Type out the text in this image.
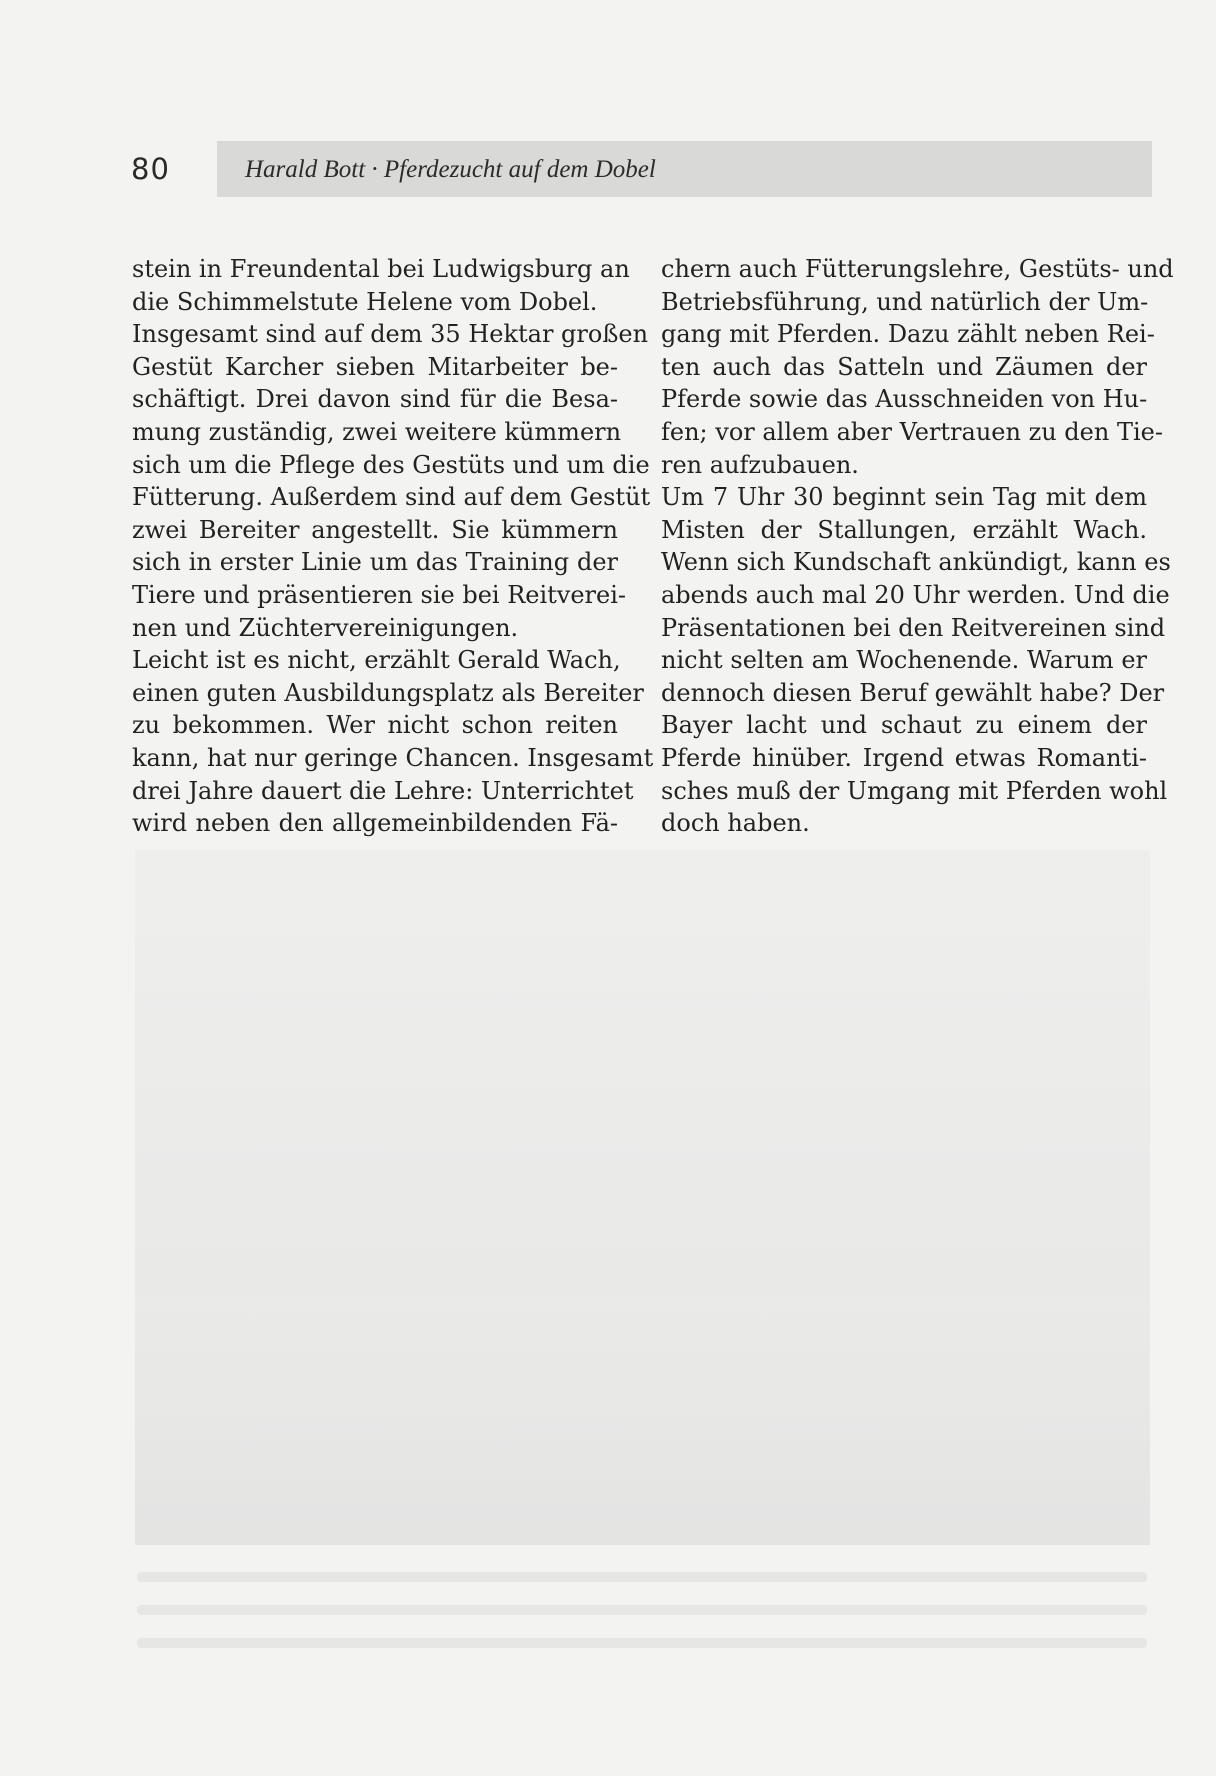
80	Harald Bott · Pferdezucht auf dem Dobel
stein in Freundental bei Ludwigsburg an
die Schimmelstute Helene vom Dobel.
Insgesamt sind auf dem 35 Hektar großen
Gestüt Karcher sieben Mitarbeiter be-
schäftigt. Drei davon sind für die Besa-
mung zuständig, zwei weitere kümmern
sich um die Pflege des Gestüts und um die
Fütterung. Außerdem sind auf dem Gestüt
zwei Bereiter angestellt. Sie kümmern
sich in erster Linie um das Training der
Tiere und präsentieren sie bei Reitverei-
nen und Züchtervereinigungen.
Leicht ist es nicht, erzählt Gerald Wach,
einen guten Ausbildungsplatz als Bereiter
zu bekommen. Wer nicht schon reiten
kann, hat nur geringe Chancen. Insgesamt
drei Jahre dauert die Lehre: Unterrichtet
wird neben den allgemeinbildenden Fä-
chern auch Fütterungslehre, Gestüts- und
Betriebsführung, und natürlich der Um-
gang mit Pferden. Dazu zählt neben Rei-
ten auch das Satteln und Zäumen der
Pferde sowie das Ausschneiden von Hu-
fen; vor allem aber Vertrauen zu den Tie-
ren aufzubauen.
Um 7 Uhr 30 beginnt sein Tag mit dem
Misten der Stallungen, erzählt Wach.
Wenn sich Kundschaft ankündigt, kann es
abends auch mal 20 Uhr werden. Und die
Präsentationen bei den Reitvereinen sind
nicht selten am Wochenende. Warum er
dennoch diesen Beruf gewählt habe? Der
Bayer lacht und schaut zu einem der
Pferde hinüber. Irgend etwas Romanti-
sches muß der Umgang mit Pferden wohl
doch haben.
